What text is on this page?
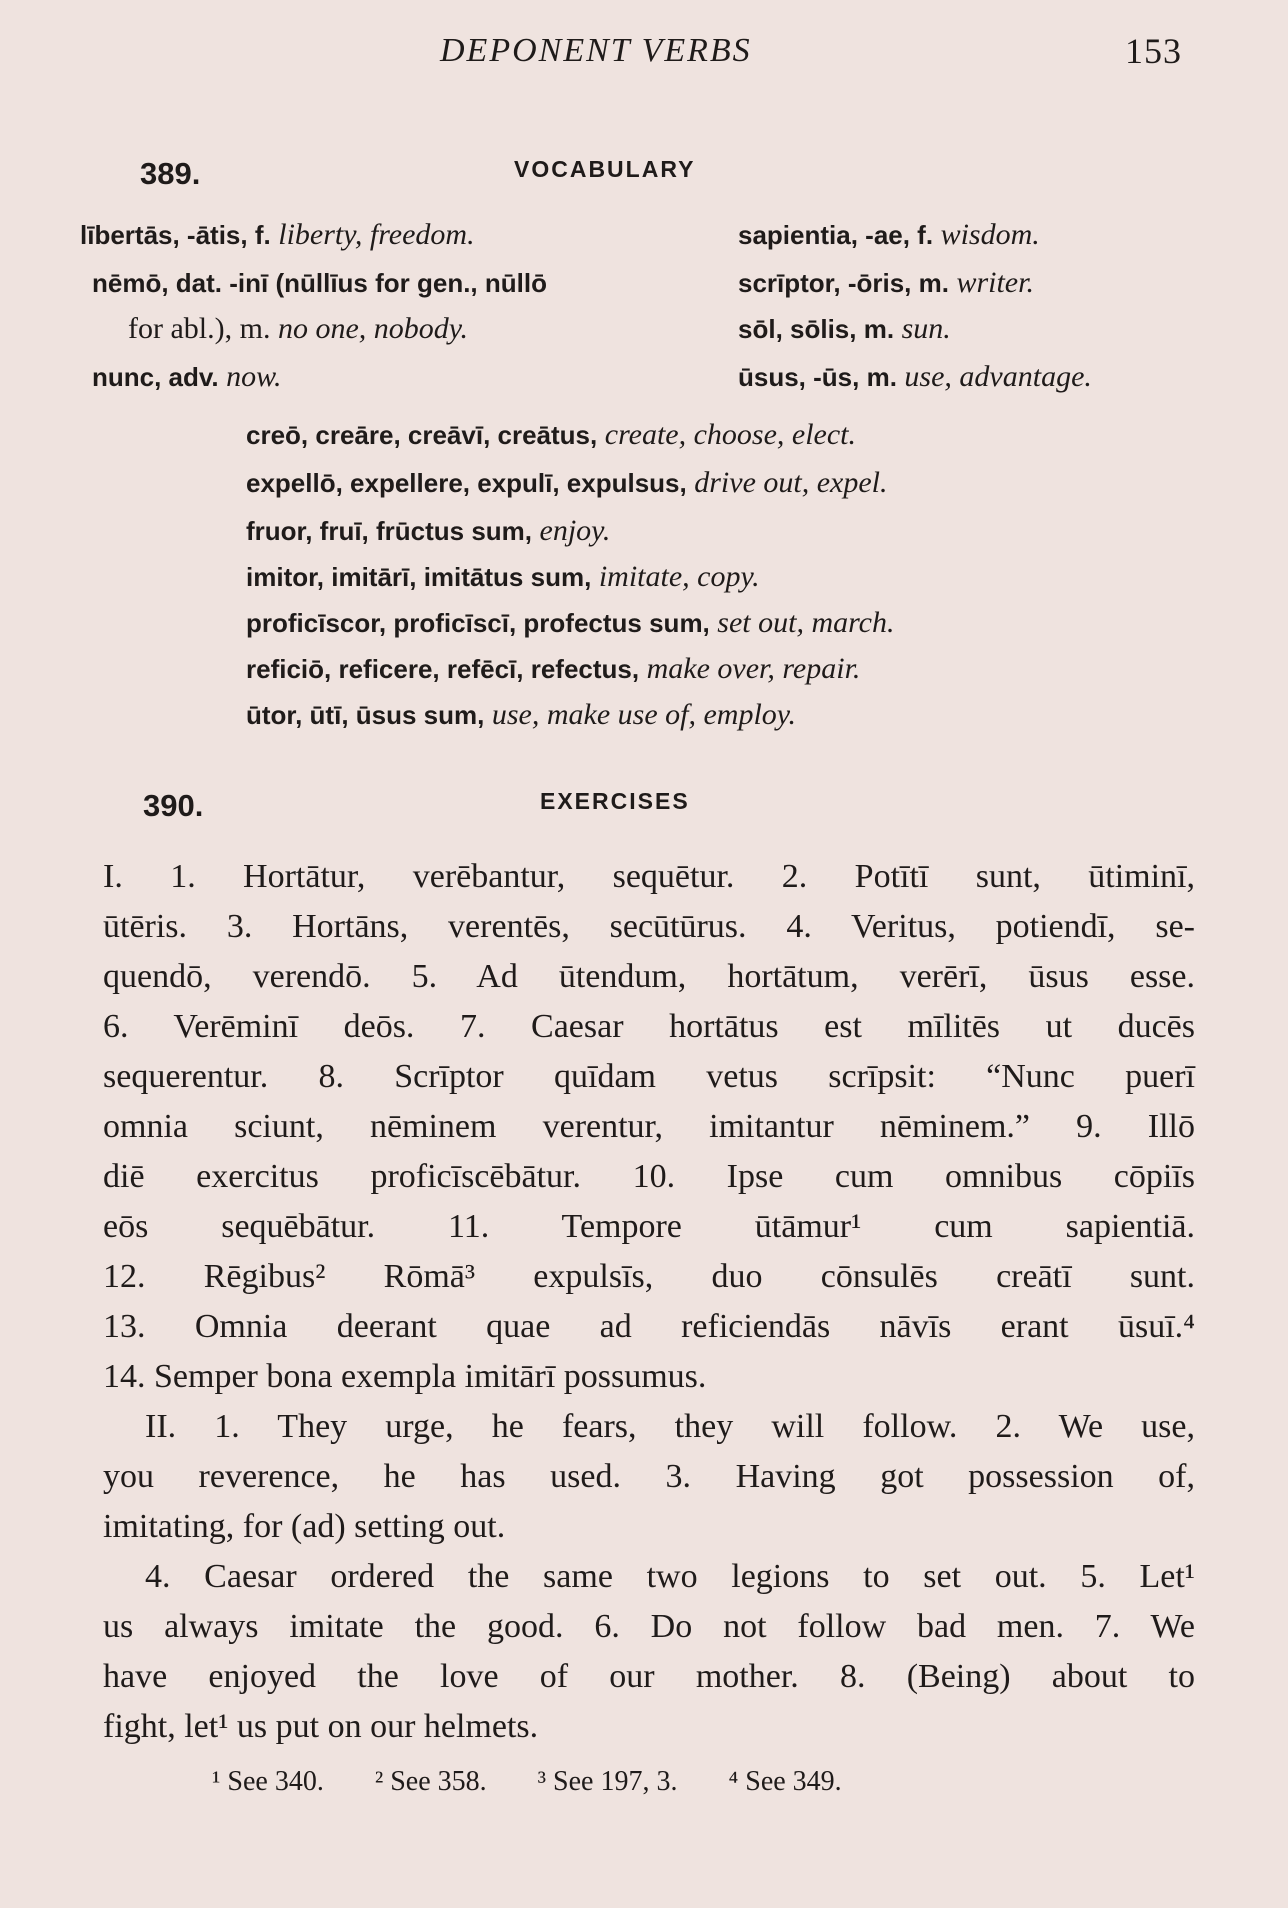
DEPONENT VERBS	153
389.	VOCABULARY
lībertās, -ātis, f. liberty, freedom.
nēmō, dat. -inī (nūllīus for gen., nūllō
for abl.), m. no one, nobody.
nunc, adv. now.
sapientia, -ae, f. wisdom.
scrīptor, -ōris, m. writer.
sōl, sōlis, m. sun.
ūsus, -ūs, m. use, advantage.
creō, creāre, creāvī, creātus, create, choose, elect.
expellō, expellere, expulī, expulsus, drive out, expel.
fruor, fruī, frūctus sum, enjoy.
imitor, imitārī, imitātus sum, imitate, copy.
proficīscor, proficīscī, profectus sum, set out, march.
reficiō, reficere, refēcī, refectus, make over, repair.
ūtor, ūtī, ūsus sum, use, make use of, employ.
390.	EXERCISES
I. 1. Hortātur, verēbantur, sequētur. 2. Potītī sunt, ūtiminī,
ūtēris. 3. Hortāns, verentēs, secūtūrus. 4. Veritus, potiendī, se-
quendō, verendō. 5. Ad ūtendum, hortātum, verērī, ūsus esse.
6. Verēminī deōs. 7. Caesar hortātus est mīlitēs ut ducēs
sequerentur. 8. Scrīptor quīdam vetus scrīpsit: “Nunc puerī
omnia sciunt, nēminem verentur, imitantur nēminem.” 9. Illō
diē exercitus proficīscēbātur. 10. Ipse cum omnibus cōpiīs
eōs sequēbātur. 11. Tempore ūtāmur¹ cum sapientiā.
12. Rēgibus² Rōmā³ expulsīs, duo cōnsulēs creātī sunt.
13. Omnia deerant quae ad reficiendās nāvīs erant ūsuī.⁴
14. Semper bona exempla imitārī possumus.
II. 1. They urge, he fears, they will follow. 2. We use,
you reverence, he has used. 3. Having got possession of,
imitating, for (ad) setting out.
4. Caesar ordered the same two legions to set out. 5. Let¹
us always imitate the good. 6. Do not follow bad men. 7. We
have enjoyed the love of our mother. 8. (Being) about to
fight, let¹ us put on our helmets.
¹ See 340. ² See 358. ³ See 197, 3. ⁴ See 349.
